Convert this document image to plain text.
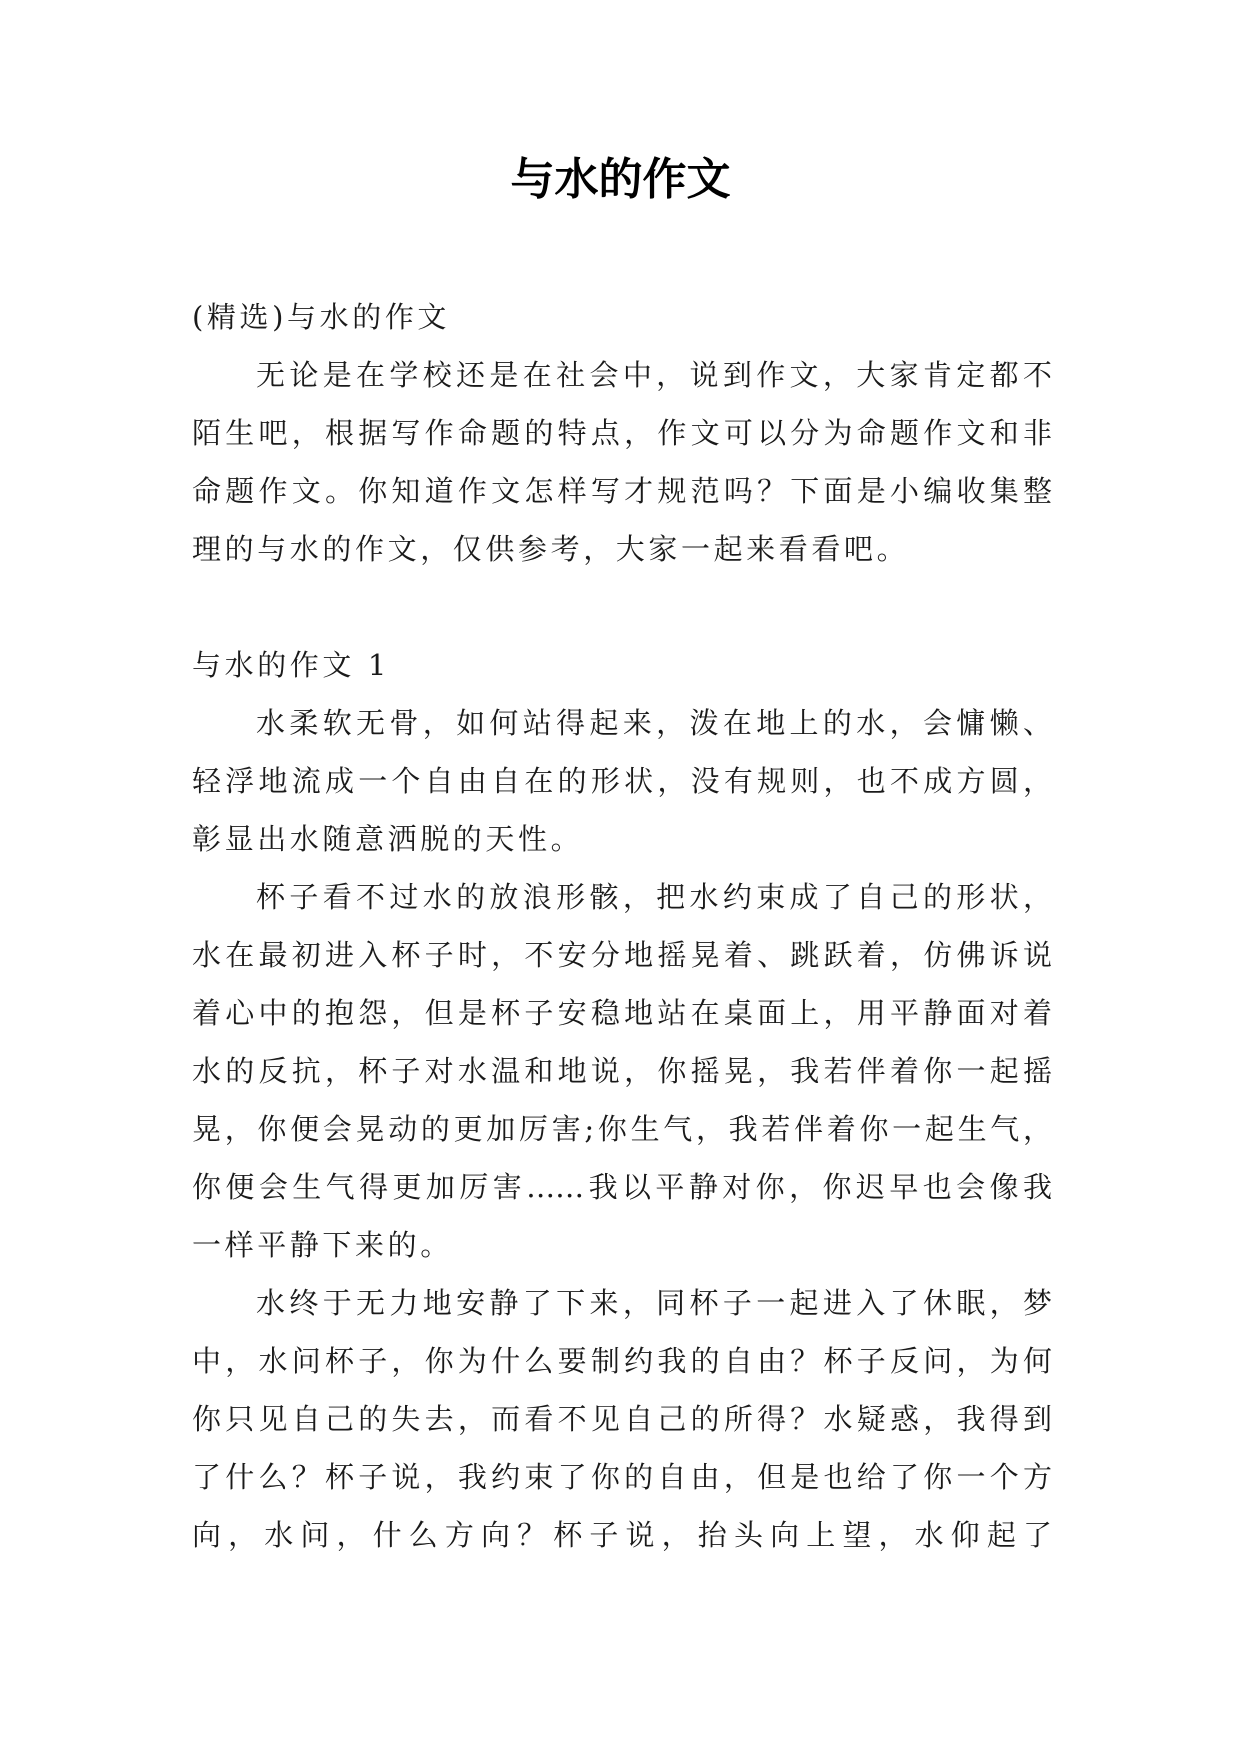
与水的作文

(精选)与水的作文

无论是在学校还是在社会中，说到作文，大家肯定都不

陌生吧，根据写作命题的特点，作文可以分为命题作文和非

命题作文。你知道作文怎样写才规范吗？下面是小编收集整

理的与水的作文，仅供参考，大家一起来看看吧。

与水的作文 1

水柔软无骨，如何站得起来，泼在地上的水，会慵懒、

轻浮地流成一个自由自在的形状，没有规则，也不成方圆，

彰显出水随意洒脱的天性。

杯子看不过水的放浪形骸，把水约束成了自己的形状，

水在最初进入杯子时，不安分地摇晃着、跳跃着，仿佛诉说

着心中的抱怨，但是杯子安稳地站在桌面上，用平静面对着

水的反抗，杯子对水温和地说，你摇晃，我若伴着你一起摇

晃，你便会晃动的更加厉害;你生气，我若伴着你一起生气，

你便会生气得更加厉害……我以平静对你，你迟早也会像我

一样平静下来的。

水终于无力地安静了下来，同杯子一起进入了休眠，梦

中，水问杯子，你为什么要制约我的自由？杯子反问，为何

你只见自己的失去，而看不见自己的所得？水疑惑，我得到

了什么？杯子说，我约束了你的自由，但是也给了你一个方

向，水问，什么方向？杯子说，抬头向上望，水仰起了
